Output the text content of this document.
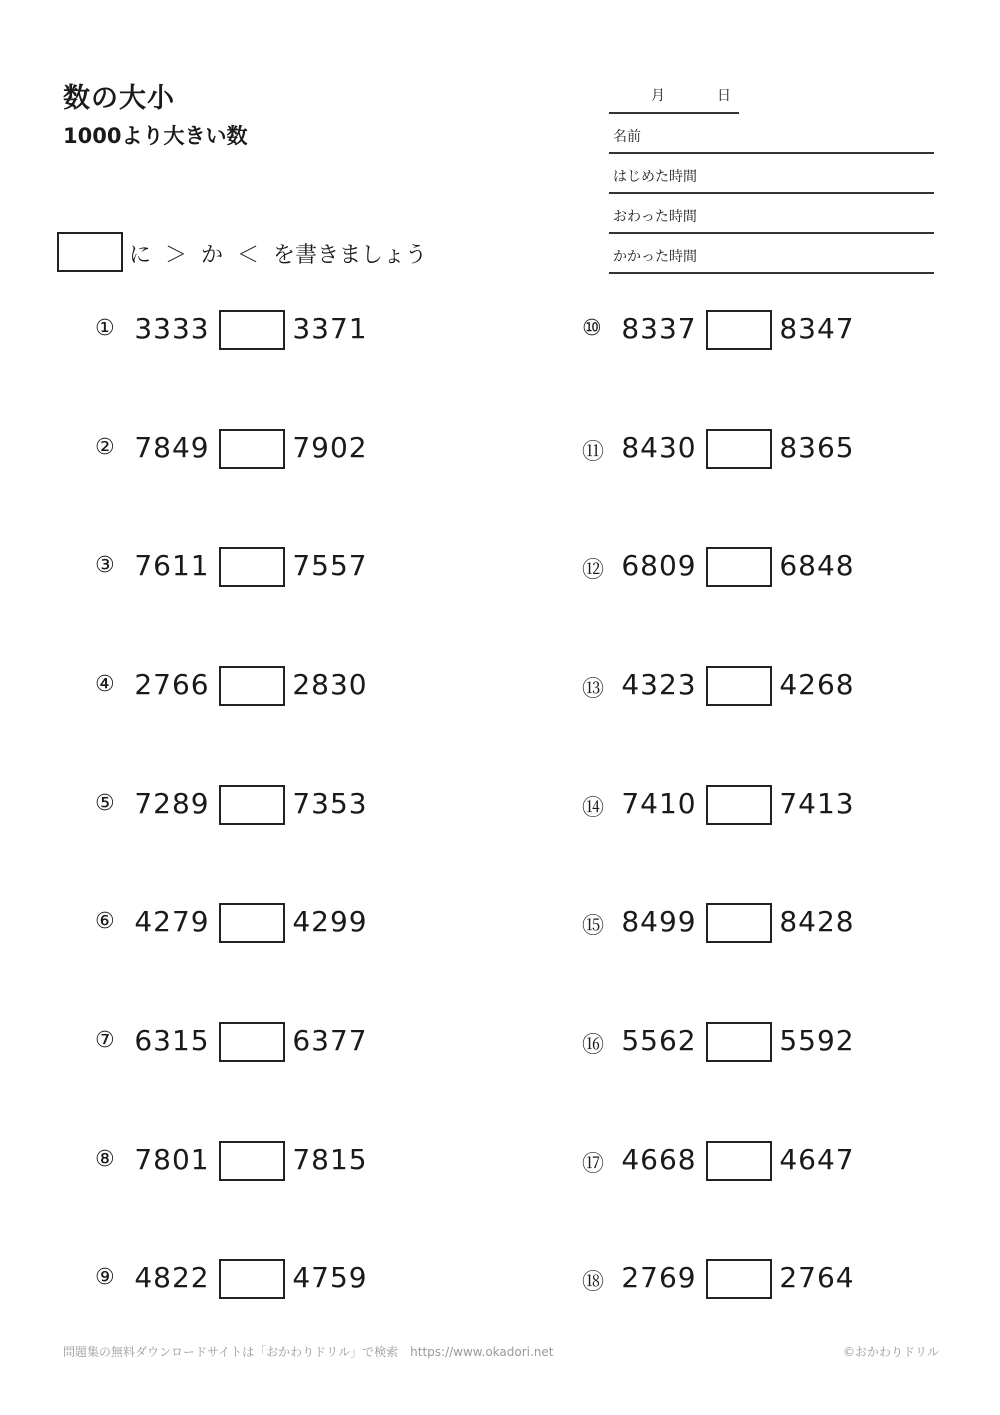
数の大小
1000より大きい数
月	日
名前
はじめた時間
おわった時間
かかった時間
に  ＞  か  ＜  を書きましょう
① 3333	3371
② 7849	7902
③ 7611	7557
④ 2766	2830
⑤ 7289	7353
⑥ 4279	4299
⑦ 6315	6377
⑧ 7801	7815
⑨ 4822	4759
⑩ 8337	8347
⑪ 8430	8365
⑫ 6809	6848
⑬ 4323	4268
⑭ 7410	7413
⑮ 8499	8428
⑯ 5562	5592
⑰ 4668	4647
⑱ 2769	2764
問題集の無料ダウンロードサイトは「おかわりドリル」で検索　https://www.okadori.net	©おかわりドリル
